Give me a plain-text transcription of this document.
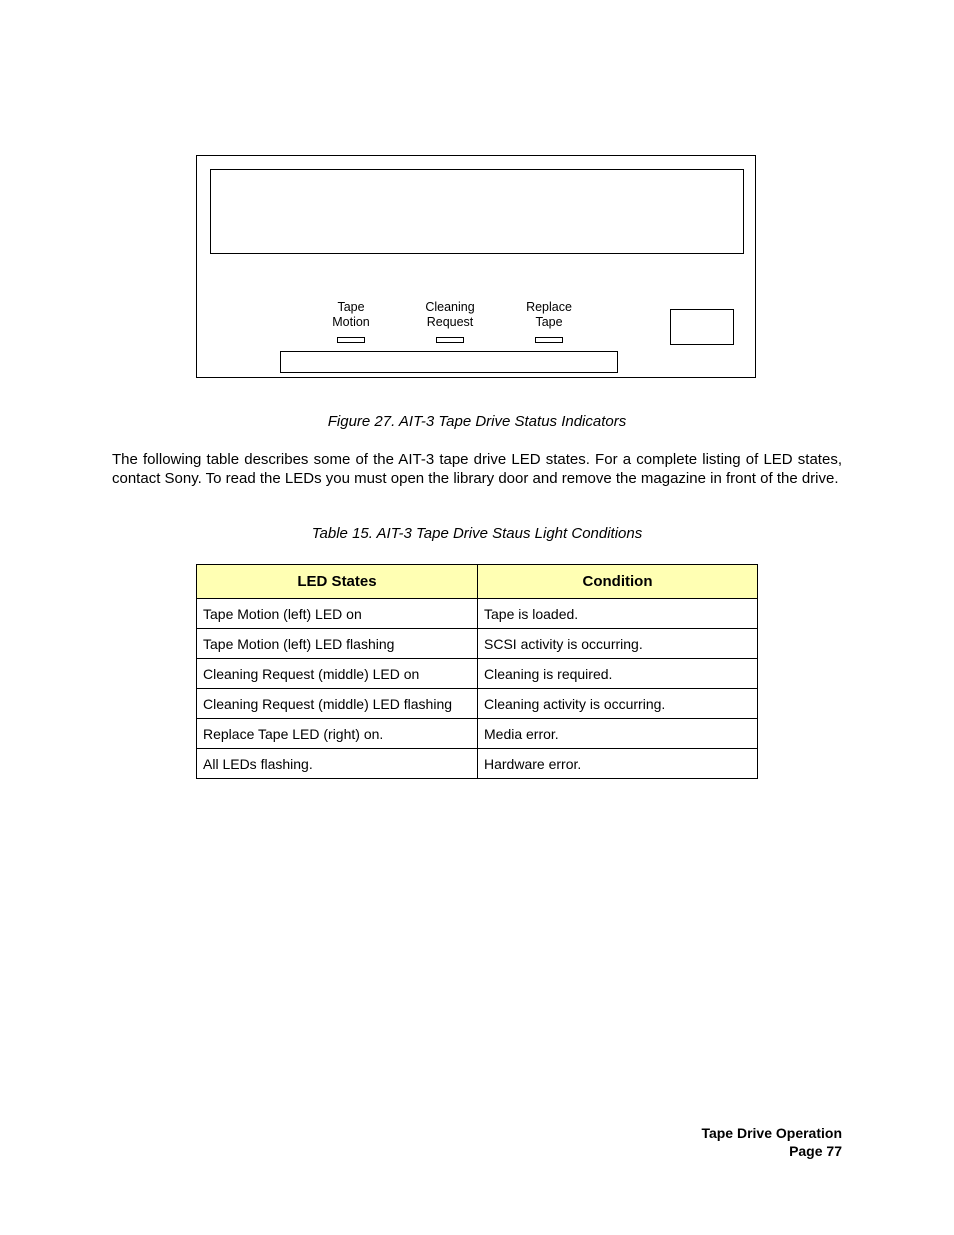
Tape
Motion
Cleaning
Request
Replace
Tape
Figure 27. AIT-3 Tape Drive Status Indicators

The following table describes some of the AIT-3 tape drive LED states. For a complete listing of LED states, contact Sony. To read the LEDs you must open the library door and remove the magazine in front of the drive.

Table 15. AIT-3 Tape Drive Staus Light Conditions
LED States	Condition
Tape Motion (left) LED on	Tape is loaded.
Tape Motion (left) LED flashing	SCSI activity is occurring.
Cleaning Request (middle) LED on	Cleaning is required.
Cleaning Request (middle) LED flashing	Cleaning activity is occurring.
Replace Tape LED (right) on.	Media error.
All LEDs flashing.	Hardware error.
Tape Drive Operation
Page 77
